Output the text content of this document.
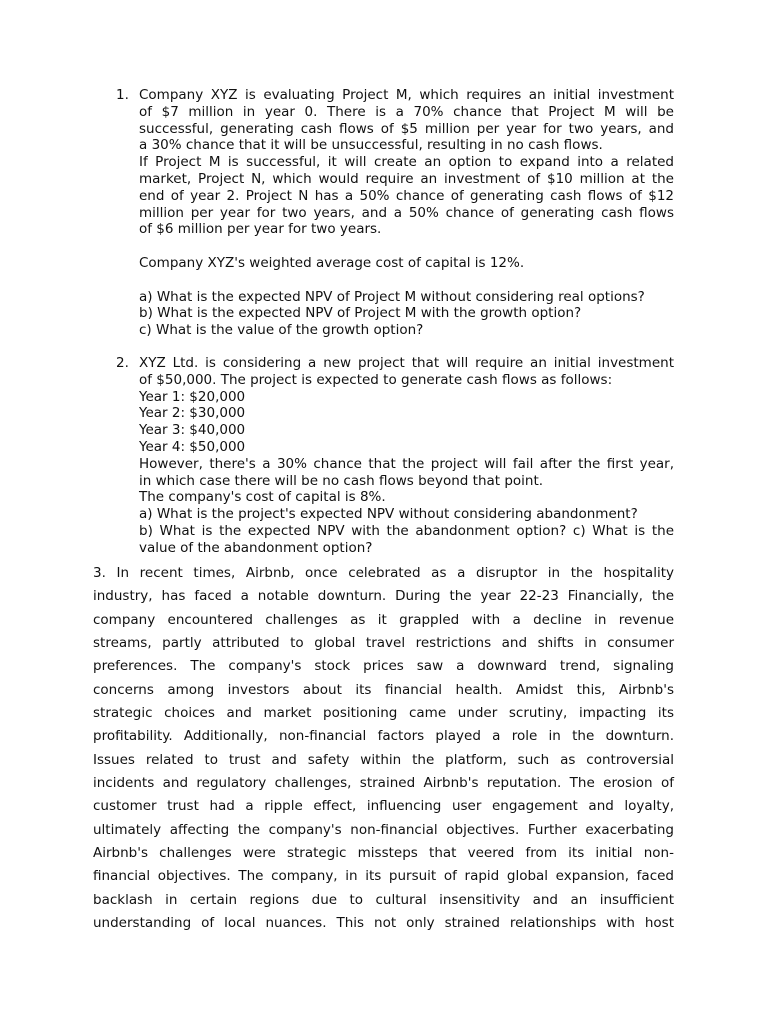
1. Company XYZ is evaluating Project M, which requires an initial investment
of $7 million in year 0. There is a 70% chance that Project M will be
successful, generating cash flows of $5 million per year for two years, and
a 30% chance that it will be unsuccessful, resulting in no cash flows.
If Project M is successful, it will create an option to expand into a related
market, Project N, which would require an investment of $10 million at the
end of year 2. Project N has a 50% chance of generating cash flows of $12
million per year for two years, and a 50% chance of generating cash flows
of $6 million per year for two years.
Company XYZ's weighted average cost of capital is 12%.
a) What is the expected NPV of Project M without considering real options?
b) What is the expected NPV of Project M with the growth option?
c) What is the value of the growth option?
2. XYZ Ltd. is considering a new project that will require an initial investment
of $50,000. The project is expected to generate cash flows as follows:
Year 1: $20,000
Year 2: $30,000
Year 3: $40,000
Year 4: $50,000
However, there's a 30% chance that the project will fail after the first year,
in which case there will be no cash flows beyond that point.
The company's cost of capital is 8%.
a) What is the project's expected NPV without considering abandonment?
b) What is the expected NPV with the abandonment option? c) What is the
value of the abandonment option?
3. In recent times, Airbnb, once celebrated as a disruptor in the hospitality
industry, has faced a notable downturn. During the year 22-23 Financially, the
company encountered challenges as it grappled with a decline in revenue
streams, partly attributed to global travel restrictions and shifts in consumer
preferences. The company's stock prices saw a downward trend, signaling
concerns among investors about its financial health. Amidst this, Airbnb's
strategic choices and market positioning came under scrutiny, impacting its
profitability. Additionally, non-financial factors played a role in the downturn.
Issues related to trust and safety within the platform, such as controversial
incidents and regulatory challenges, strained Airbnb's reputation. The erosion of
customer trust had a ripple effect, influencing user engagement and loyalty,
ultimately affecting the company's non-financial objectives. Further exacerbating
Airbnb's challenges were strategic missteps that veered from its initial non-
financial objectives. The company, in its pursuit of rapid global expansion, faced
backlash in certain regions due to cultural insensitivity and an insufficient
understanding of local nuances. This not only strained relationships with host
